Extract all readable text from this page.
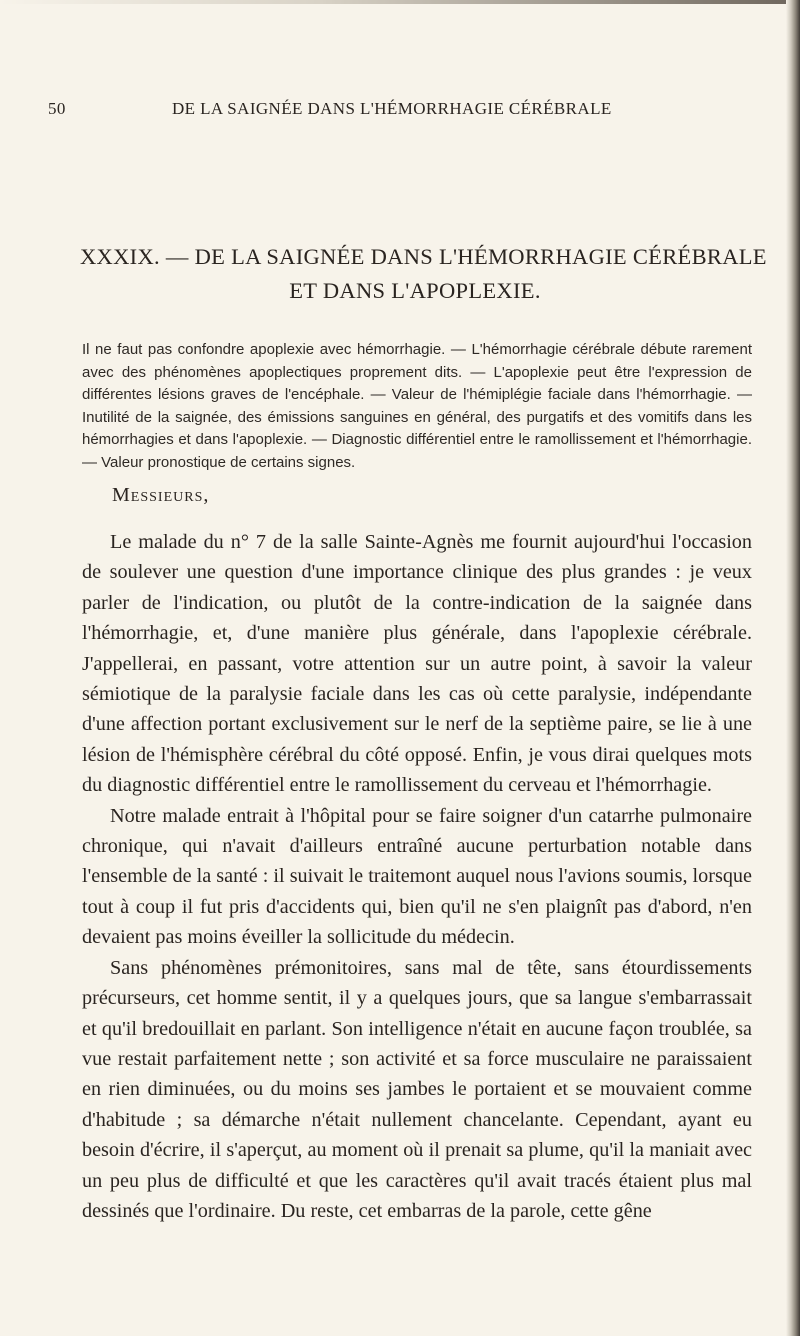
50	DE LA SAIGNÉE DANS L'HÉMORRHAGIE CÉRÉBRALE
XXXIX. — DE LA SAIGNÉE DANS L'HÉMORRHAGIE CÉRÉBRALE
ET DANS L'APOPLEXIE.
Il ne faut pas confondre apoplexie avec hémorrhagie. — L'hémorrhagie cérébrale débute rarement avec des phénomènes apoplectiques proprement dits. — L'apoplexie peut être l'expression de différentes lésions graves de l'encéphale. — Valeur de l'hémiplégie faciale dans l'hémorrhagie. — Inutilité de la saignée, des émissions sanguines en général, des purgatifs et des vomitifs dans les hémorrhagies et dans l'apoplexie. — Diagnostic différentiel entre le ramollissement et l'hémorrhagie. — Valeur pronostique de certains signes.
Messieurs,

Le malade du n° 7 de la salle Sainte-Agnès me fournit aujourd'hui l'occasion de soulever une question d'une importance clinique des plus grandes : je veux parler de l'indication, ou plutôt de la contre-indication de la saignée dans l'hémorrhagie, et, d'une manière plus générale, dans l'apoplexie cérébrale. J'appellerai, en passant, votre attention sur un autre point, à savoir la valeur sémiotique de la paralysie faciale dans les cas où cette paralysie, indépendante d'une affection portant exclusivement sur le nerf de la septième paire, se lie à une lésion de l'hémisphère cérébral du côté opposé. Enfin, je vous dirai quelques mots du diagnostic différentiel entre le ramollissement du cerveau et l'hémorrhagie.

Notre malade entrait à l'hôpital pour se faire soigner d'un catarrhe pulmonaire chronique, qui n'avait d'ailleurs entraîné aucune perturbation notable dans l'ensemble de la santé : il suivait le traitemont auquel nous l'avions soumis, lorsque tout à coup il fut pris d'accidents qui, bien qu'il ne s'en plaignît pas d'abord, n'en devaient pas moins éveiller la sollicitude du médecin.

Sans phénomènes prémonitoires, sans mal de tête, sans étourdissements précurseurs, cet homme sentit, il y a quelques jours, que sa langue s'embarrassait et qu'il bredouillait en parlant. Son intelligence n'était en aucune façon troublée, sa vue restait parfaitement nette ; son activité et sa force musculaire ne paraissaient en rien diminuées, ou du moins ses jambes le portaient et se mouvaient comme d'habitude ; sa démarche n'était nullement chancelante. Cependant, ayant eu besoin d'écrire, il s'aperçut, au moment où il prenait sa plume, qu'il la maniait avec un peu plus de difficulté et que les caractères qu'il avait tracés étaient plus mal dessinés que l'ordinaire. Du reste, cet embarras de la parole, cette gêne
